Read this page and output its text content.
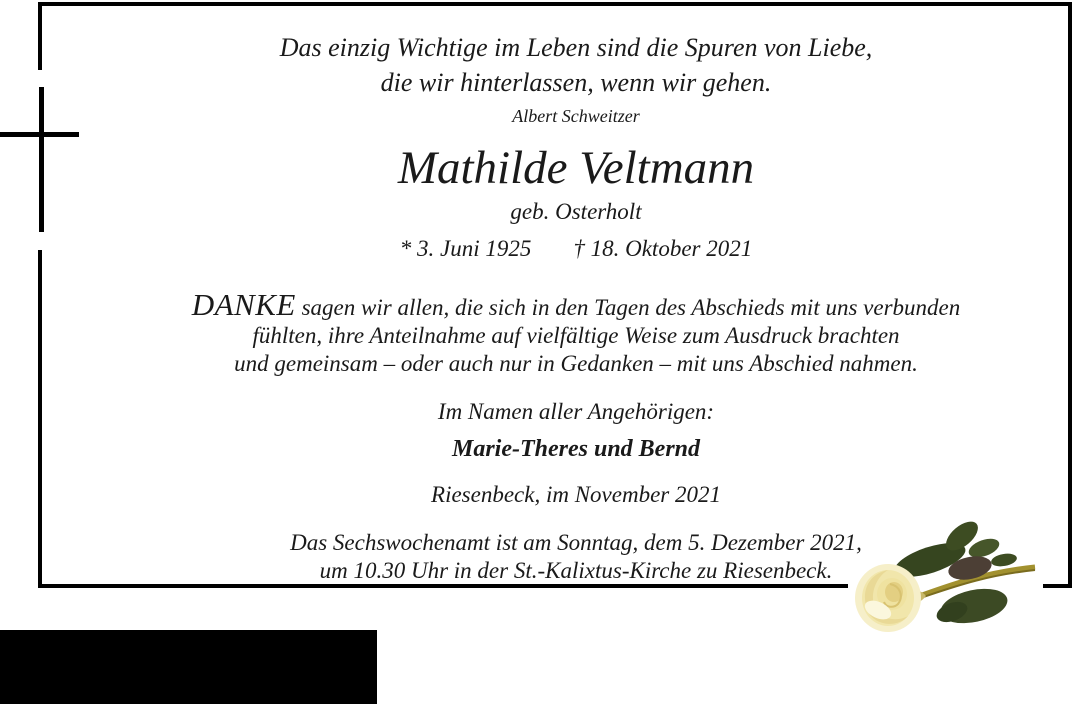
Das einzig Wichtige im Leben sind die Spuren von Liebe,
die wir hinterlassen, wenn wir gehen.
Albert Schweitzer
Mathilde Veltmann
geb. Osterholt
* 3. Juni 1925 † 18. Oktober 2021
DANKE sagen wir allen, die sich in den Tagen des Abschieds mit uns verbunden
fühlten, ihre Anteilnahme auf vielfältige Weise zum Ausdruck brachten
und gemeinsam – oder auch nur in Gedanken – mit uns Abschied nahmen.
Im Namen aller Angehörigen:
Marie-Theres und Bernd
Riesenbeck, im November 2021
Das Sechswochenamt ist am Sonntag, dem 5. Dezember 2021,
um 10.30 Uhr in der St.-Kalixtus-Kirche zu Riesenbeck.
